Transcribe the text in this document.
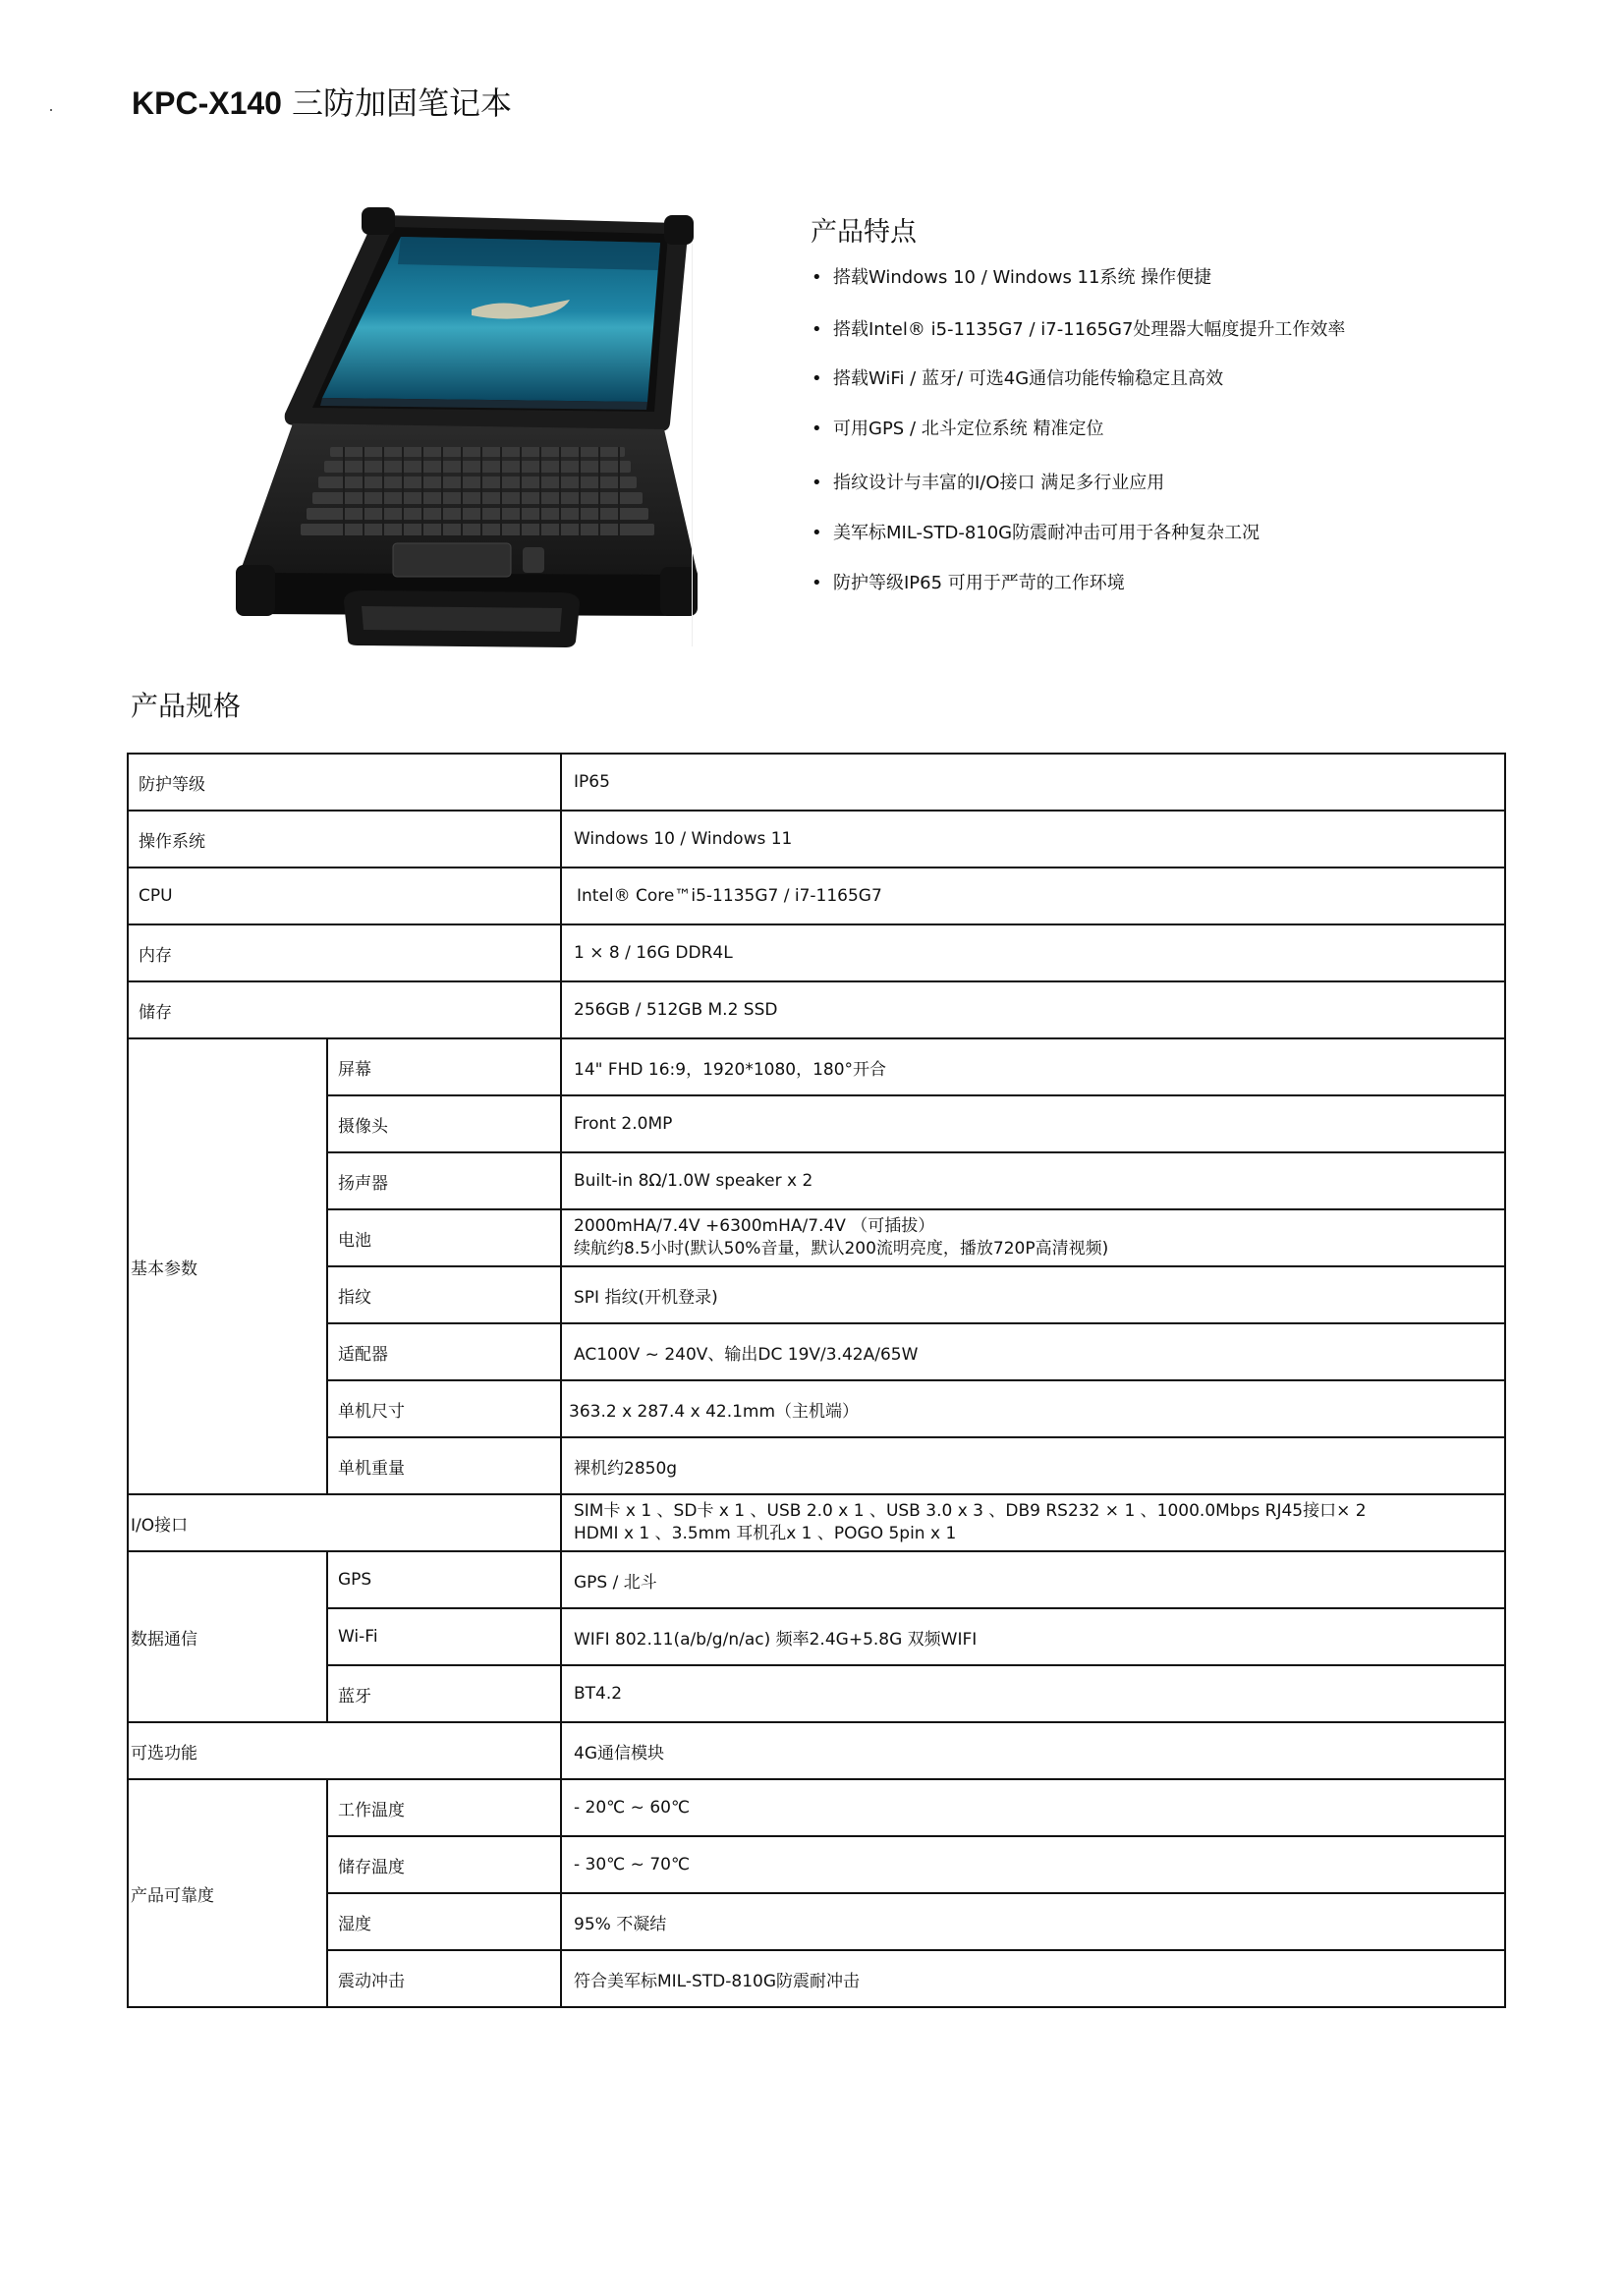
KPC-X140 三防加固笔记本
产品特点
• 搭载Windows 10 / Windows 11系统 操作便捷
• 搭载Intel® i5-1135G7 / i7-1165G7处理器大幅度提升工作效率
• 搭载WiFi / 蓝牙/ 可选4G通信功能传输稳定且高效
• 可用GPS / 北斗定位系统 精准定位
• 指纹设计与丰富的I/O接口 满足多行业应用
• 美军标MIL-STD-810G防震耐冲击可用于各种复杂工况
• 防护等级IP65 可用于严苛的工作环境
产品规格
防护等级		IP65
操作系统		Windows 10 / Windows 11
CPU		Intel® Core™i5-1135G7 / i7-1165G7
内存		1 × 8 / 16G DDR4L
储存		256GB / 512GB M.2 SSD
基本参数	屏幕	14" FHD 16:9，1920*1080，180°开合
	摄像头	Front 2.0MP
	扬声器	Built-in 8Ω/1.0W speaker x 2
	电池	2000mHA/7.4V +6300mHA/7.4V （可插拔）
续航约8.5小时(默认50%音量，默认200流明亮度，播放720P高清视频)

	指纹	SPI 指纹(开机登录)
	适配器	AC100V ~ 240V、输出DC 19V/3.42A/65W
	单机尺寸	363.2 x 287.4 x 42.1mm（主机端）
	单机重量	裸机约2850g
I/O接口		SIM卡 x 1 、SD卡 x 1 、USB 2.0 x 1 、USB 3.0 x 3 、DB9 RS232 × 1 、1000.0Mbps RJ45接口× 2
HDMI x 1 、3.5mm 耳机孔x 1 、POGO 5pin x 1

数据通信	GPS	GPS / 北斗
	Wi-Fi	WIFI 802.11(a/b/g/n/ac) 频率2.4G+5.8G 双频WIFI
	蓝牙	BT4.2
可选功能		4G通信模块
产品可靠度	工作温度	- 20℃ ~ 60℃
	储存温度	- 30℃ ~ 70℃
	湿度	95% 不凝结
	震动冲击	符合美军标MIL-STD-810G防震耐冲击
